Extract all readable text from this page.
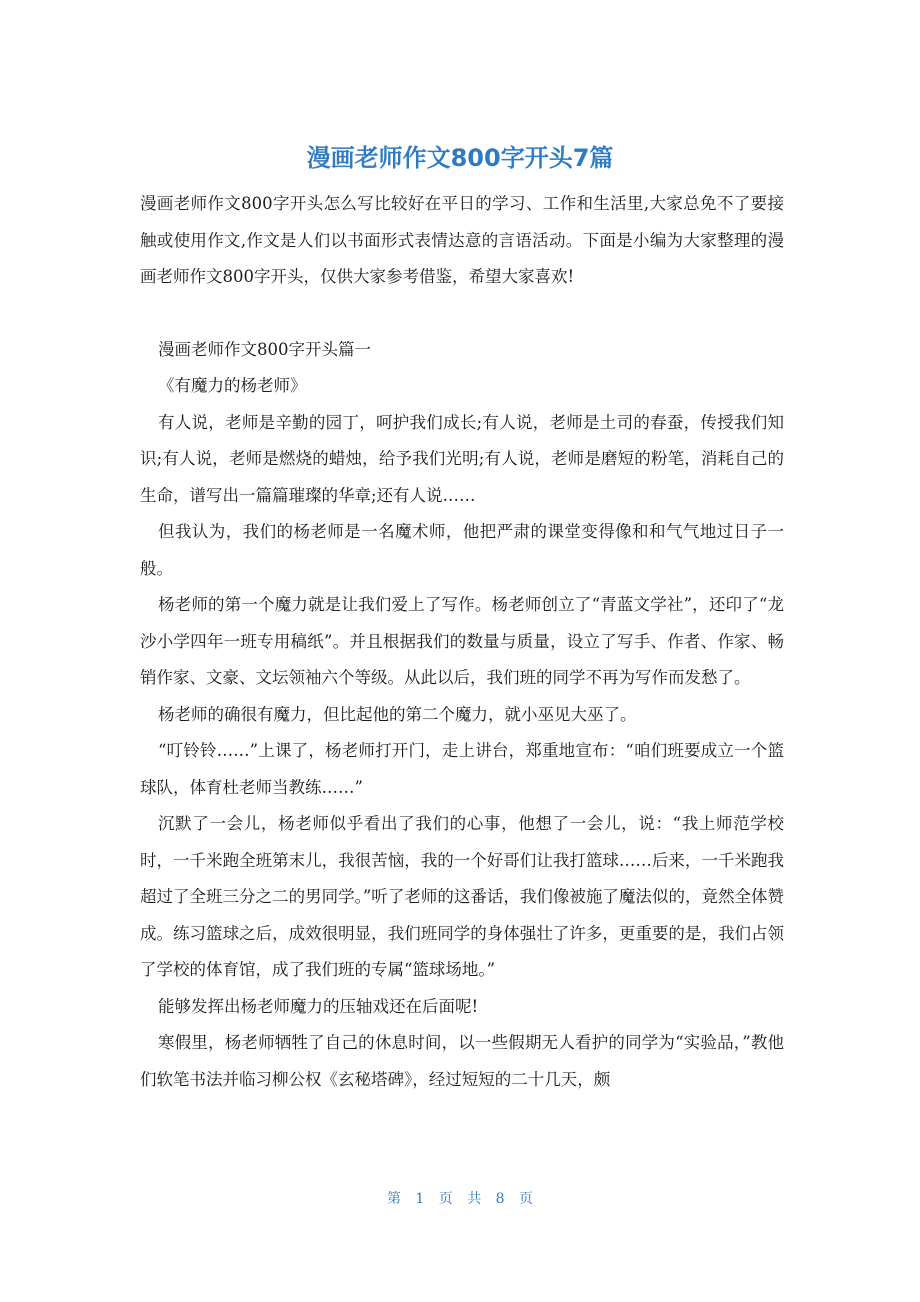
漫画老师作文800字开头7篇

漫画老师作文800字开头怎么写比较好在平日的学习、工作和生活里,大家总免不了要接触或使用作文,作文是人们以书面形式表情达意的言语活动。下面是小编为大家整理的漫画老师作文800字开头，仅供大家参考借鉴，希望大家喜欢!

漫画老师作文800字开头篇一

《有魔力的杨老师》

有人说，老师是辛勤的园丁，呵护我们成长;有人说，老师是土司的春蚕，传授我们知识;有人说，老师是燃烧的蜡烛，给予我们光明;有人说，老师是磨短的粉笔，消耗自己的生命，谱写出一篇篇璀璨的华章;还有人说……

但我认为，我们的杨老师是一名魔术师，他把严肃的课堂变得像和和气气地过日子一般。

杨老师的第一个魔力就是让我们爱上了写作。杨老师创立了“青蓝文学社”，还印了“龙沙小学四年一班专用稿纸”。并且根据我们的数量与质量，设立了写手、作者、作家、畅销作家、文豪、文坛领袖六个等级。从此以后，我们班的同学不再为写作而发愁了。

杨老师的确很有魔力，但比起他的第二个魔力，就小巫见大巫了。

“叮铃铃……”上课了，杨老师打开门，走上讲台，郑重地宣布：“咱们班要成立一个篮球队，体育杜老师当教练……”

沉默了一会儿，杨老师似乎看出了我们的心事，他想了一会儿，说：“我上师范学校时，一千米跑全班第末儿，我很苦恼，我的一个好哥们让我打篮球……后来，一千米跑我超过了全班三分之二的男同学。”听了老师的这番话，我们像被施了魔法似的，竟然全体赞成。练习篮球之后，成效很明显，我们班同学的身体强壮了许多，更重要的是，我们占领了学校的体育馆，成了我们班的专属“篮球场地。”

能够发挥出杨老师魔力的压轴戏还在后面呢!

寒假里，杨老师牺牲了自己的休息时间，以一些假期无人看护的同学为“实验品，”教他们软笔书法并临习柳公权《玄秘塔碑》，经过短短的二十几天，颇

第 1 页 共 8 页
